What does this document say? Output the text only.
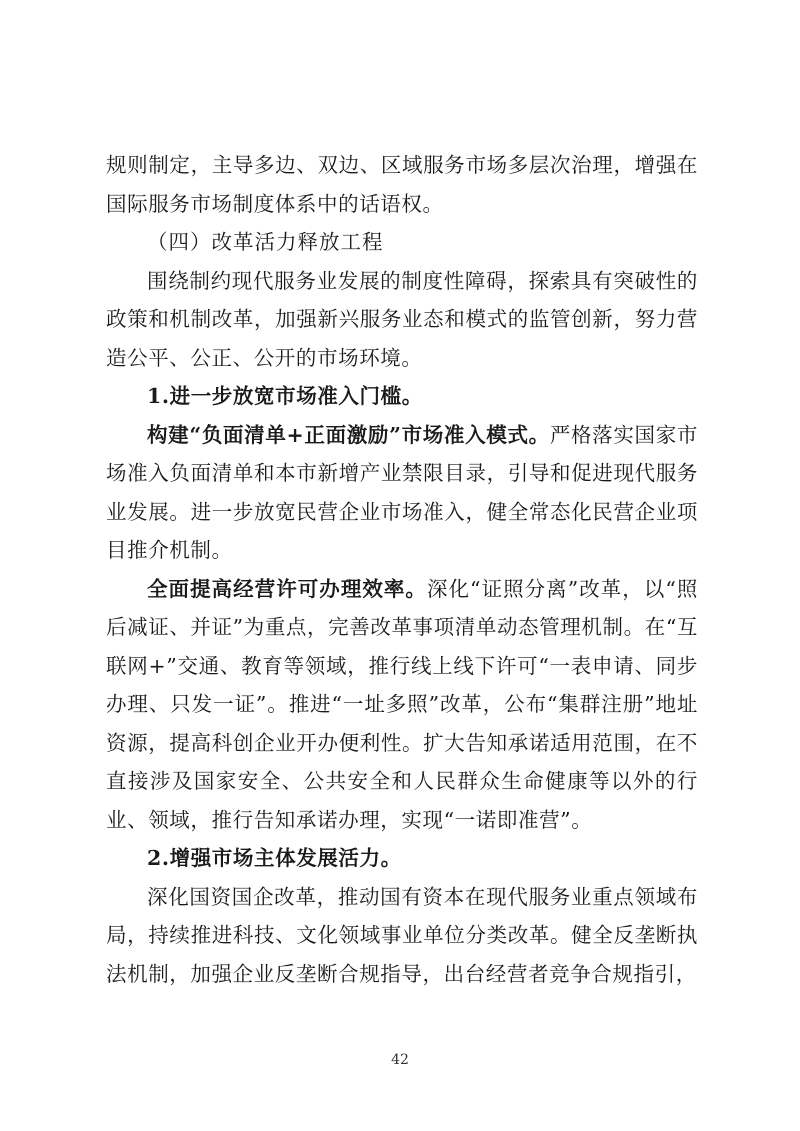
规则制定，主导多边、双边、区域服务市场多层次治理，增强在国际服务市场制度体系中的话语权。

（四）改革活力释放工程

围绕制约现代服务业发展的制度性障碍，探索具有突破性的政策和机制改革，加强新兴服务业态和模式的监管创新，努力营造公平、公正、公开的市场环境。

1.进一步放宽市场准入门槛。

构建“负面清单+正面激励”市场准入模式。严格落实国家市场准入负面清单和本市新增产业禁限目录，引导和促进现代服务业发展。进一步放宽民营企业市场准入，健全常态化民营企业项目推介机制。

全面提高经营许可办理效率。深化“证照分离”改革，以“照后减证、并证”为重点，完善改革事项清单动态管理机制。在“互联网+”交通、教育等领域，推行线上线下许可“一表申请、同步办理、只发一证”。推进“一址多照”改革，公布“集群注册”地址资源，提高科创企业开办便利性。扩大告知承诺适用范围，在不直接涉及国家安全、公共安全和人民群众生命健康等以外的行业、领域，推行告知承诺办理，实现“一诺即准营”。

2.增强市场主体发展活力。

深化国资国企改革，推动国有资本在现代服务业重点领域布局，持续推进科技、文化领域事业单位分类改革。健全反垄断执法机制，加强企业反垄断合规指导，出台经营者竞争合规指引，

42
